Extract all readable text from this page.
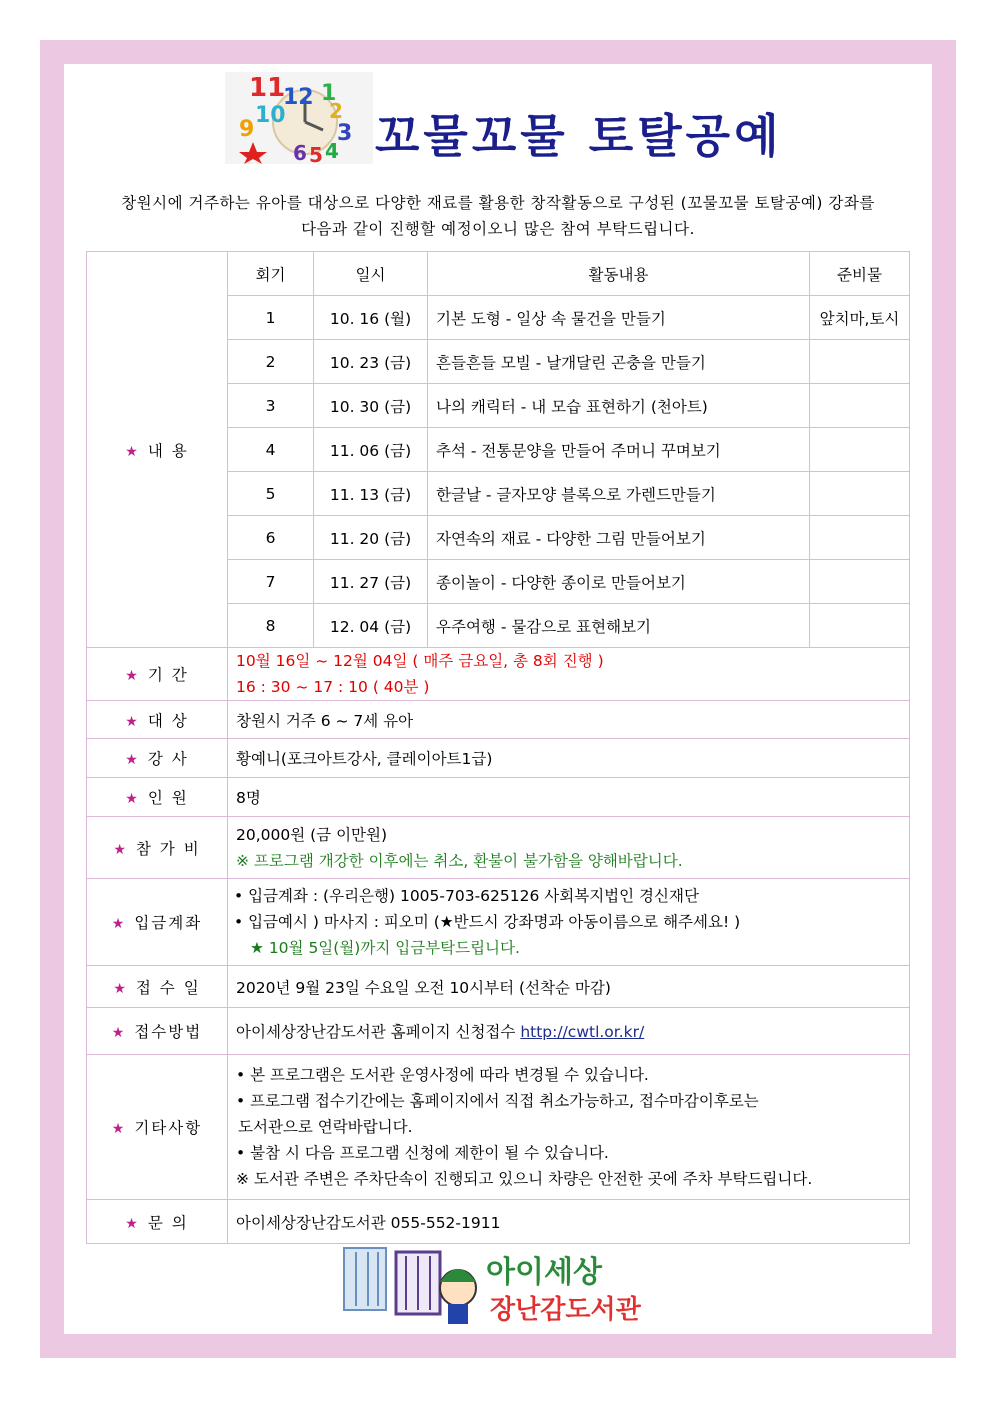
11
12 1
10 2
9	3
4
6 5 꼬물꼬물 토탈공예
창원시에 거주하는 유아를 대상으로 다양한 재료를 활용한 창작활동으로 구성된 (꼬물꼬물 토탈공예) 강좌를
다음과 같이 진행할 예정이오니 많은 참여 부탁드립니다.
★ 내 용	회기	일시	활동내용	준비물
	1	10. 16 (월)	기본 도형 - 일상 속 물건을 만들기	앞치마,토시
	2	10. 23 (금)	흔들흔들 모빌 - 날개달린 곤충을 만들기	
	3	10. 30 (금)	나의 캐릭터 - 내 모습 표현하기 (천아트)	
	4	11. 06 (금)	추석 - 전통문양을 만들어 주머니 꾸며보기	
	5	11. 13 (금)	한글날 - 글자모양 블록으로 가렌드만들기	
	6	11. 20 (금)	자연속의 재료 - 다양한 그림 만들어보기	
	7	11. 27 (금)	종이놀이 - 다양한 종이로 만들어보기	
	8	12. 04 (금)	우주여행 - 물감으로 표현해보기	
★ 기 간	10월 16일 ~ 12월 04일 ( 매주 금요일, 총 8회 진행 )
16 : 30 ~ 17 : 10 ( 40분 )			

★ 대 상	창원시 거주 6 ~ 7세 유아			
★ 강 사	황예니(포크아트강사, 클레이아트1급)			
★ 인 원	8명			
★ 참 가 비	20,000원 (금 이만원)
※ 프로그램 개강한 이후에는 취소, 환불이 불가함을 양해바랍니다.			

★ 입금계좌	• 입금계좌 : (우리은행) 1005-703-625126 사회복지법인 경신재단
• 입금예시 ) 마사지 : 피오미 (★반드시 강좌명과 아동이름으로 해주세요! )
★ 10월 5일(월)까지 입금부탁드립니다.			

★ 접 수 일	2020년 9월 23일 수요일 오전 10시부터 (선착순 마감)			
★ 접수방법	아이세상장난감도서관 홈페이지 신청접수 http://cwtl.or.kr/			
★ 기타사항	• 본 프로그램은 도서관 운영사정에 따라 변경될 수 있습니다.
• 프로그램 접수기간에는 홈페이지에서 직접 취소가능하고, 접수마감이후로는
도서관으로 연락바랍니다.
• 불참 시 다음 프로그램 신청에 제한이 될 수 있습니다.
※ 도서관 주변은 주차단속이 진행되고 있으니 차량은 안전한 곳에 주차 부탁드립니다.			

★ 문 의	아이세상장난감도서관 055-552-1911			
아이세상
장난감도서관
